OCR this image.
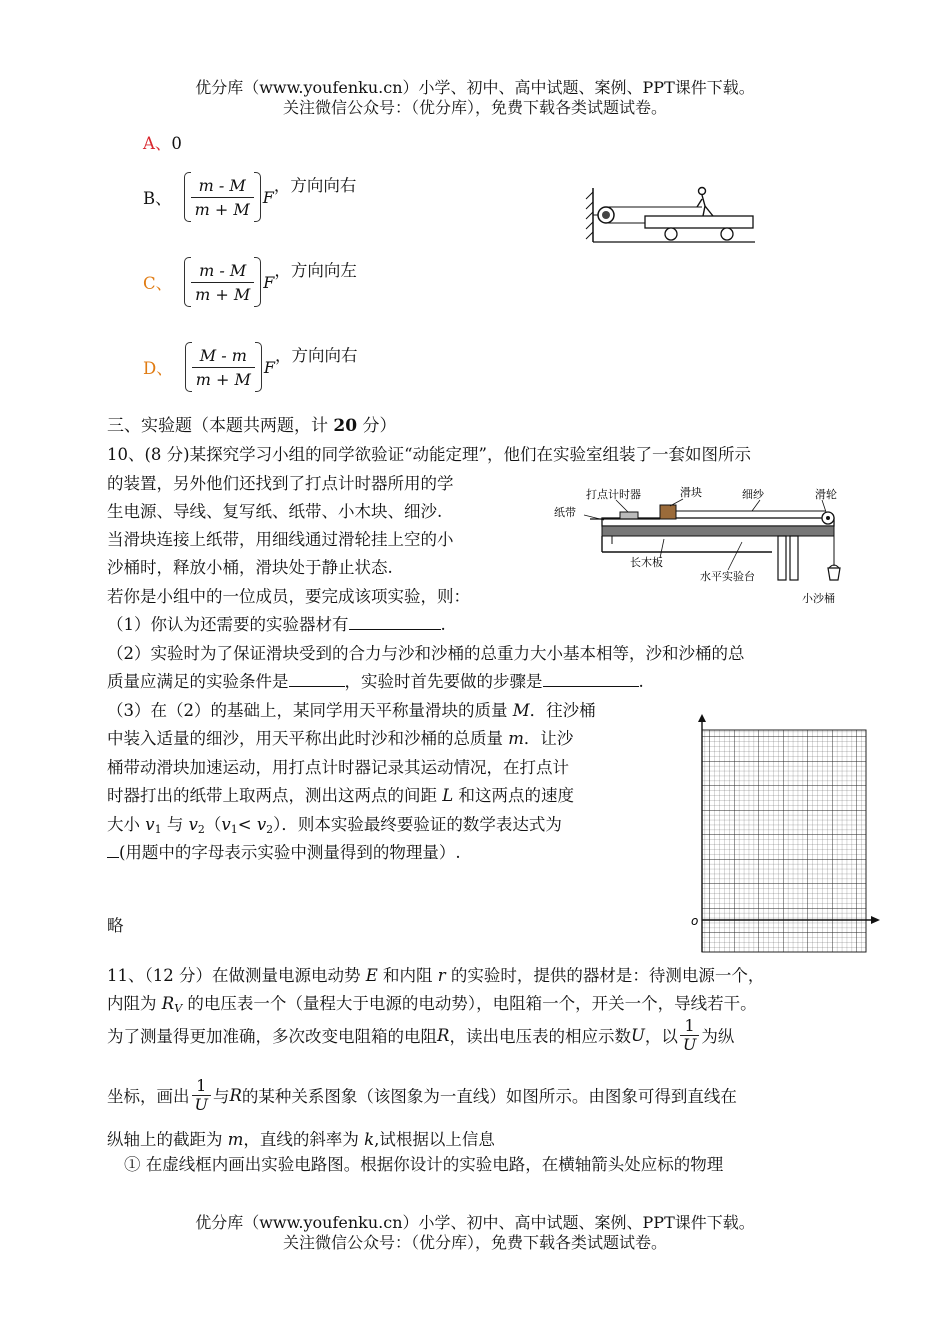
优分库（www.youfenku.cn）小学、初中、高中试题、案例、PPT课件下载。
关注微信公众号：（优分库），免费下载各类试题试卷。
A、0
B、 $\frac{m - M}{m + M}$ F
，方向向右
C、 $\frac{m - M}{m + M}$ F
，方向向左
D、 $\frac{M - m}{m + M}$ F
，方向向右
三、实验题（本题共两题，计 20 分）
10、(8 分)某探究学习小组的同学欲验证“动能定理”，他们在实验室组装了一套如图所示
的装置，另外他们还找到了打点计时器所用的学
生电源、导线、复写纸、纸带、小木块、细沙.
当滑块连接上纸带，用细线通过滑轮挂上空的小
沙桶时，释放小桶，滑块处于静止状态.
若你是小组中的一位成员，要完成该项实验，则：
（1）你认为还需要的实验器材有	.
（2）实验时为了保证滑块受到的合力与沙和沙桶的总重力大小基本相等，沙和沙桶的总
质量应满足的实验条件是	，实验时首先要做的步骤是	.
（3）在（2）的基础上，某同学用天平称量滑块的质量 M．往沙桶
中装入适量的细沙，用天平称出此时沙和沙桶的总质量 m．让沙
桶带动滑块加速运动，用打点计时器记录其运动情况，在打点计
时器打出的纸带上取两点，测出这两点的间距 L 和这两点的速度
大小 $v_1$ 与 $v_2(v_1< v_2)$．则本实验最终要验证的数学表达式为
(用题中的字母表示实验中测量得到的物理量）.
略
打点计时器	滑块	细纱	滑轮
纸带
长木板
水平实验台
小沙桶
o
11、（12 分）在做测量电源电动势 E 和内阻 r 的实验时，提供的器材是：待测电源一个，
内阻为 $R_V$ 的电压表一个（量程大于电源的电动势），电阻箱一个，开关一个，导线若干。
为了测量得更加准确，多次改变电阻箱的电阻 R ，读出电压表的相应示数 U ，以 $\frac{1}{U}$ 为纵
坐标，画出 $\frac{1}{U}$ 与 R 的某种关系图象（该图象为一直线）如图所示。由图象可得到直线在
纵轴上的截距为 m，直线的斜率为 k,试根据以上信息
① 在虚线框内画出实验电路图。根据你设计的实验电路，在横轴箭头处应标的物理
优分库（www.youfenku.cn）小学、初中、高中试题、案例、PPT课件下载。
关注微信公众号：（优分库），免费下载各类试题试卷。
